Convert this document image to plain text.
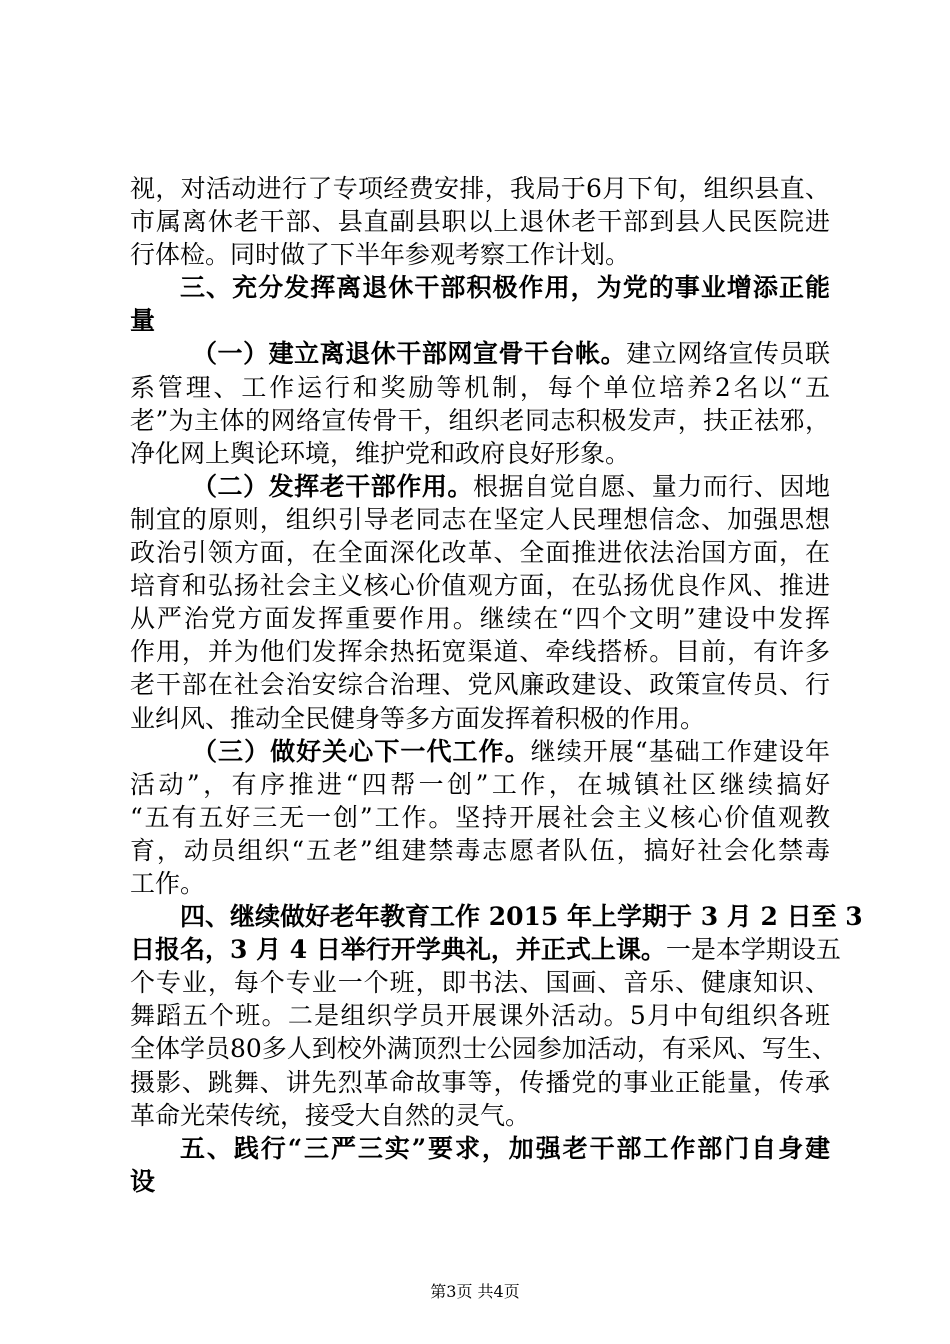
视，对活动进行了专项经费安排，我局于6月下旬，组织县直、
市属离休老干部、县直副县职以上退休老干部到县人民医院进
行体检。同时做了下半年参观考察工作计划。
三、充分发挥离退休干部积极作用，为党的事业增添正能
量
（一）建立离退休干部网宣骨干台帐。建立网络宣传员联
系管理、工作运行和奖励等机制，每个单位培养2名以“五
老”为主体的网络宣传骨干，组织老同志积极发声，扶正祛邪，
净化网上舆论环境，维护党和政府良好形象。
（二）发挥老干部作用。根据自觉自愿、量力而行、因地
制宜的原则，组织引导老同志在坚定人民理想信念、加强思想
政治引领方面，在全面深化改革、全面推进依法治国方面，在
培育和弘扬社会主义核心价值观方面，在弘扬优良作风、推进
从严治党方面发挥重要作用。继续在“四个文明”建设中发挥
作用，并为他们发挥余热拓宽渠道、牵线搭桥。目前，有许多
老干部在社会治安综合治理、党风廉政建设、政策宣传员、行
业纠风、推动全民健身等多方面发挥着积极的作用。
（三）做好关心下一代工作。继续开展“基础工作建设年
活动”，有序推进“四帮一创”工作，在城镇社区继续搞好
“五有五好三无一创”工作。坚持开展社会主义核心价值观教
育，动员组织“五老”组建禁毒志愿者队伍，搞好社会化禁毒
工作。
四、继续做好老年教育工作 2015 年上学期于 3 月 2 日至 3
日报名，3 月 4 日举行开学典礼，并正式上课。一是本学期设五
个专业，每个专业一个班，即书法、国画、音乐、健康知识、
舞蹈五个班。二是组织学员开展课外活动。5月中旬组织各班
全体学员80多人到校外满顶烈士公园参加活动，有采风、写生、
摄影、跳舞、讲先烈革命故事等，传播党的事业正能量，传承
革命光荣传统，接受大自然的灵气。
五、践行“三严三实”要求，加强老干部工作部门自身建
设
第3页 共4页
